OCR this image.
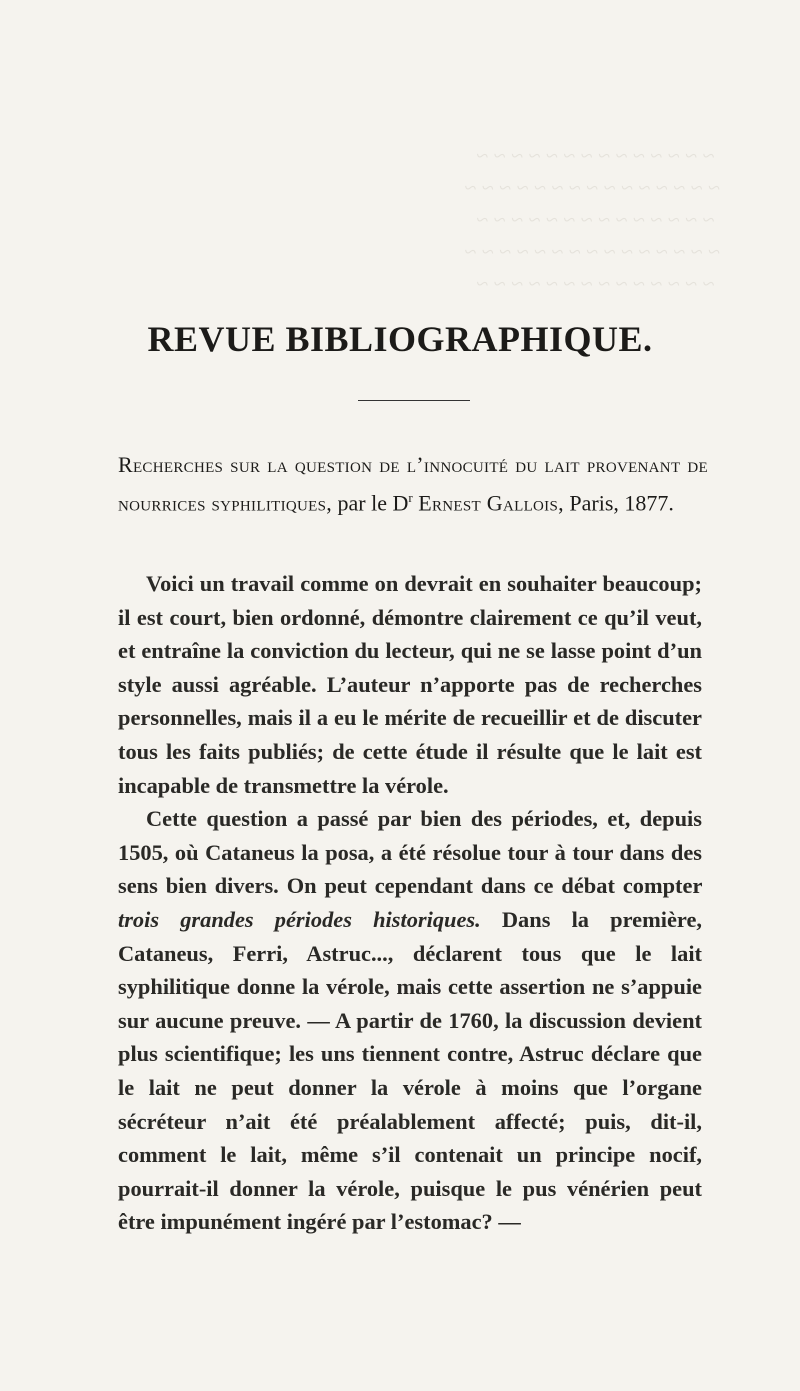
~ ~ ~ ~ ~ ~ ~ ~ ~ ~ ~ ~ ~ ~
~ ~ ~ ~ ~ ~ ~ ~ ~ ~ ~ ~ ~ ~ ~
~ ~ ~ ~ ~ ~ ~ ~ ~ ~ ~ ~ ~ ~
~ ~ ~ ~ ~ ~ ~ ~ ~ ~ ~ ~ ~ ~ ~
~ ~ ~ ~ ~ ~ ~ ~ ~ ~ ~ ~ ~ ~
REVUE BIBLIOGRAPHIQUE.
Recherches sur la question de l’innocuité du lait provenant de nourrices syphilitiques, par le $D^r$ Ernest Gallois, Paris, 1877.

Voici un travail comme on devrait en souhaiter beaucoup; il est court, bien ordonné, démontre clairement ce qu’il veut, et entraîne la conviction du lecteur, qui ne se lasse point d’un style aussi agréable. L’auteur n’apporte pas de recherches personnelles, mais il a eu le mérite de recueillir et de discuter tous les faits publiés; de cette étude il résulte que le lait est incapable de transmettre la vérole.

Cette question a passé par bien des périodes, et, depuis 1505, où Cataneus la posa, a été résolue tour à tour dans des sens bien divers. On peut cependant dans ce débat compter trois grandes périodes historiques. Dans la première, Cataneus, Ferri, Astruc..., déclarent tous que le lait syphilitique donne la vérole, mais cette assertion ne s’appuie sur aucune preuve. — A partir de 1760, la discussion devient plus scientifique; les uns tiennent contre, Astruc déclare que le lait ne peut donner la vérole à moins que l’organe sécréteur n’ait été préalablement affecté; puis, dit-il, comment le lait, même s’il contenait un principe nocif, pourrait-il donner la vérole, puisque le pus vénérien peut être impunément ingéré par l’estomac? —
